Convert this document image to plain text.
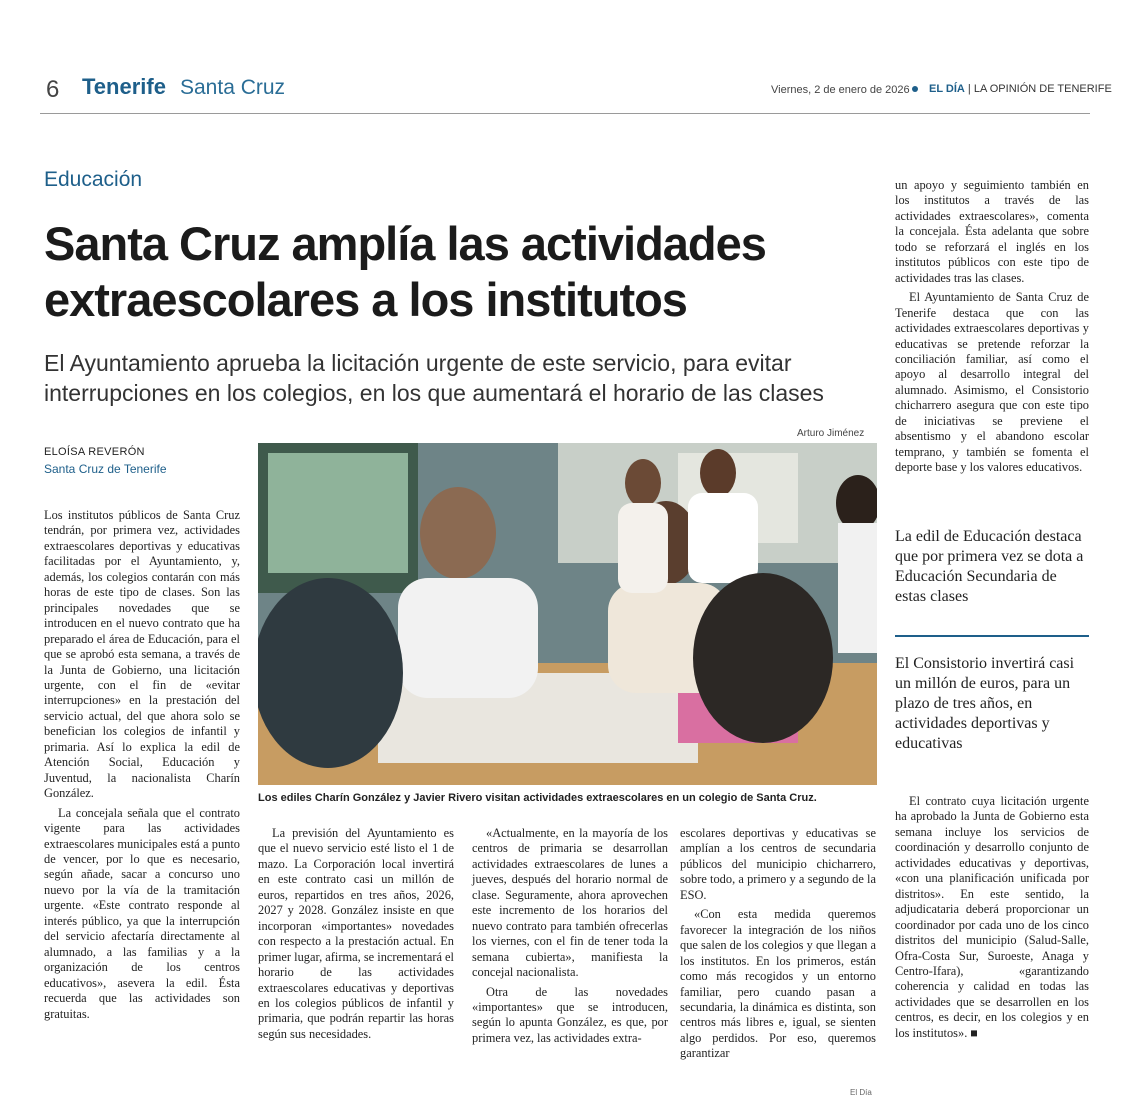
6 Tenerife Santa Cruz	Viernes, 2 de enero de 2026 EL DÍA | LA OPINIÓN DE TENERIFE
Educación
Santa Cruz amplía las actividades extraescolares a los institutos
El Ayuntamiento aprueba la licitación urgente de este servicio, para evitar interrupciones en los colegios, en los que aumentará el horario de las clases
ELOÍSA REVERÓN
Santa Cruz de Tenerife
Arturo Jiménez
Los ediles Charín González y Javier Rivero visitan actividades extraescolares en un colegio de Santa Cruz.

Los institutos públicos de Santa Cruz tendrán, por primera vez, actividades extraescolares deportivas y educativas facilitadas por el Ayuntamiento, y, además, los colegios contarán con más horas de este tipo de clases. Son las principales novedades que se introducen en el nuevo contrato que ha preparado el área de Educación, para el que se aprobó esta semana, a través de la Junta de Gobierno, una licitación urgente, con el fin de «evitar interrupciones» en la prestación del servicio actual, del que ahora solo se benefician los colegios de infantil y primaria. Así lo explica la edil de Atención Social, Educación y Juventud, la nacionalista Charín González.

La concejala señala que el contrato vigente para las actividades extraescolares municipales está a punto de vencer, por lo que es necesario, según añade, sacar a concurso uno nuevo por la vía de la tramitación urgente. «Este contrato responde al interés público, ya que la interrupción del servicio afectaría directamente al alumnado, a las familias y a la organización de los centros educativos», asevera la edil. Ésta recuerda que las actividades son gratuitas.

La previsión del Ayuntamiento es que el nuevo servicio esté listo el 1 de mazo. La Corporación local invertirá en este contrato casi un millón de euros, repartidos en tres años, 2026, 2027 y 2028. González insiste en que incorporan «importantes» novedades con respecto a la prestación actual. En primer lugar, afirma, se incrementará el horario de las actividades extraescolares educativas y deportivas en los colegios públicos de infantil y primaria, que podrán repartir las horas según sus necesidades.

«Actualmente, en la mayoría de los centros de primaria se desarrollan actividades extraescolares de lunes a jueves, después del horario normal de clase. Seguramente, ahora aprovechen este incremento de los horarios del nuevo contrato para también ofrecerlas los viernes, con el fin de tener toda la semana cubierta», manifiesta la concejal nacionalista.

Otra de las novedades «importantes» que se introducen, según lo apunta González, es que, por primera vez, las actividades extra-

escolares deportivas y educativas se amplían a los centros de secundaria públicos del municipio chicharrero, sobre todo, a primero y a segundo de la ESO.

«Con esta medida queremos favorecer la integración de los niños que salen de los colegios y que llegan a los institutos. En los primeros, están como más recogidos y un entorno familiar, pero cuando pasan a secundaria, la dinámica es distinta, son centros más libres e, igual, se sienten algo perdidos. Por eso, queremos garantizar

un apoyo y seguimiento también en los institutos a través de las actividades extraescolares», comenta la concejala. Ésta adelanta que sobre todo se reforzará el inglés en los institutos públicos con este tipo de actividades tras las clases.

El Ayuntamiento de Santa Cruz de Tenerife destaca que con las actividades extraescolares deportivas y educativas se pretende reforzar la conciliación familiar, así como el apoyo al desarrollo integral del alumnado. Asimismo, el Consistorio chicharrero asegura que con este tipo de iniciativas se previene el absentismo y el abandono escolar temprano, y también se fomenta el deporte base y los valores educativos.

La edil de Educación destaca que por primera vez se dota a Educación Secundaria de estas clases
El Consistorio invertirá casi un millón de euros, para un plazo de tres años, en actividades deportivas y educativas

El contrato cuya licitación urgente ha aprobado la Junta de Gobierno esta semana incluye los servicios de coordinación y desarrollo conjunto de actividades educativas y deportivas, «con una planificación unificada por distritos». En este sentido, la adjudicataria deberá proporcionar un coordinador por cada uno de los cinco distritos del municipio (Salud-Salle, Ofra-Costa Sur, Suroeste, Anaga y Centro-Ifara), «garantizando coherencia y calidad en todas las actividades que se desarrollen en los centros, es decir, en los colegios y en los institutos». ■

El Día
